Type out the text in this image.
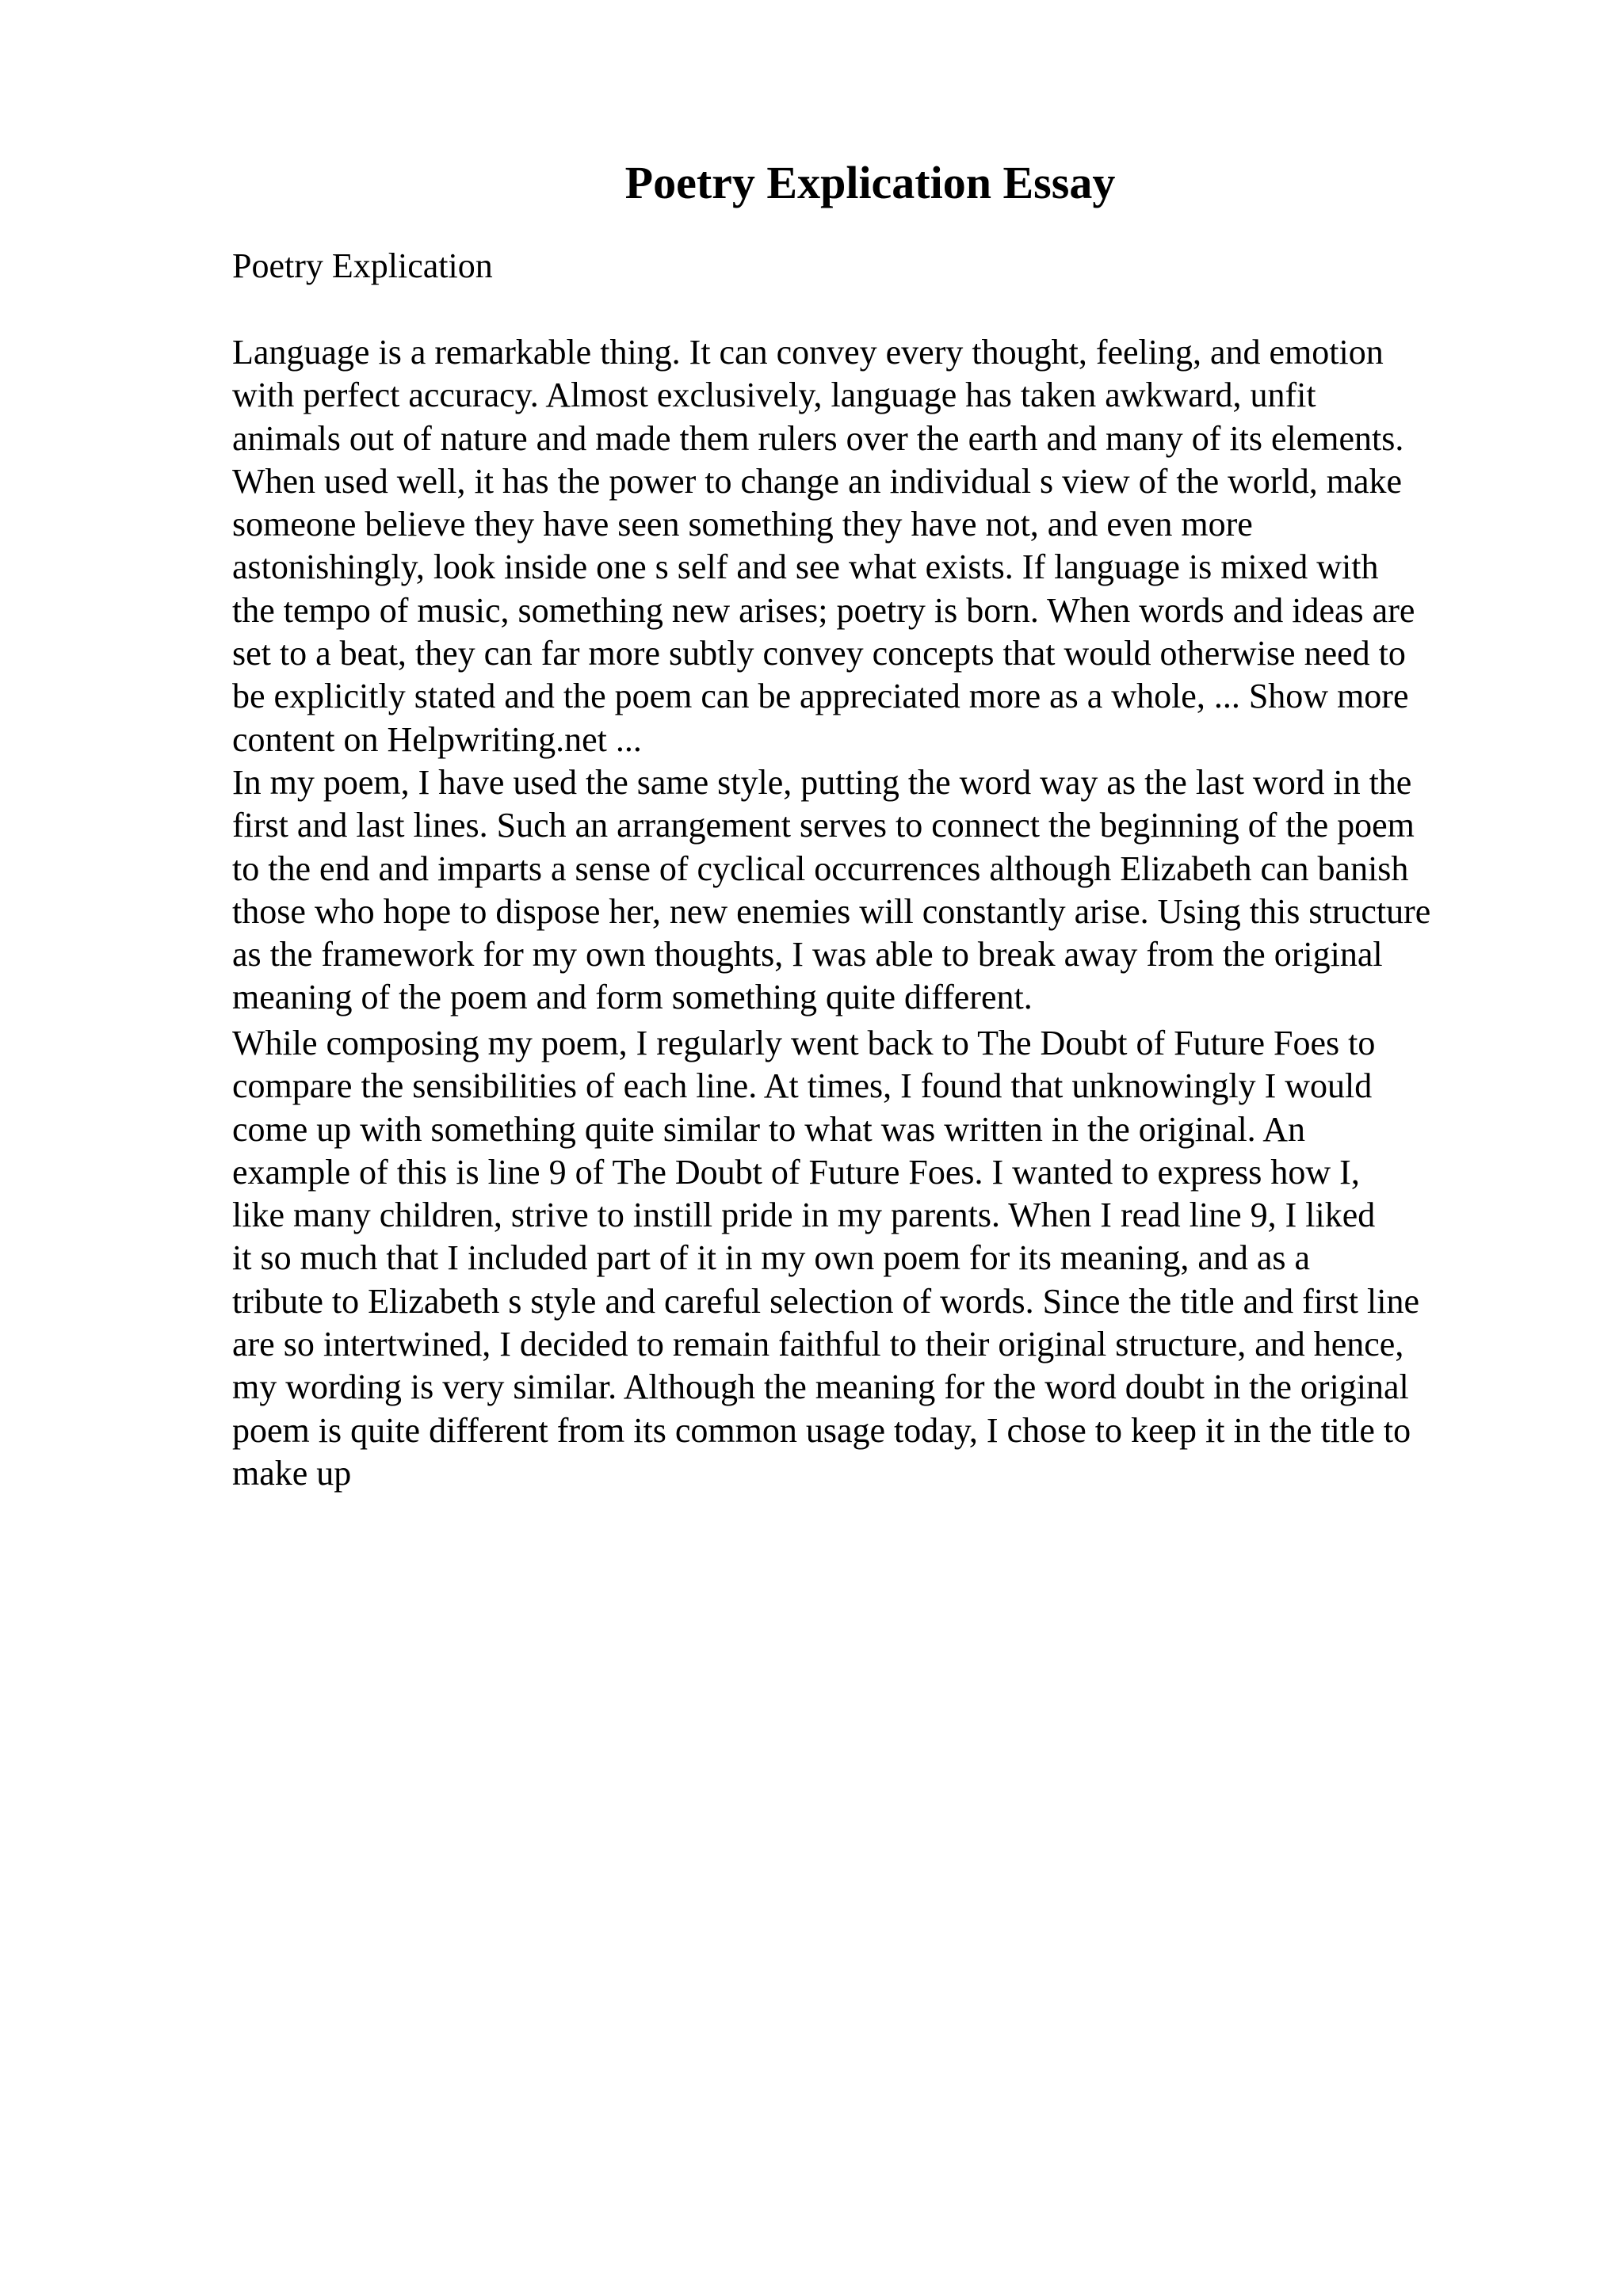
Poetry Explication Essay
Poetry Explication
Language is a remarkable thing. It can convey every thought, feeling, and emotion
with perfect accuracy. Almost exclusively, language has taken awkward, unfit
animals out of nature and made them rulers over the earth and many of its elements.
When used well, it has the power to change an individual s view of the world, make
someone believe they have seen something they have not, and even more
astonishingly, look inside one s self and see what exists. If language is mixed with
the tempo of music, something new arises; poetry is born. When words and ideas are
set to a beat, they can far more subtly convey concepts that would otherwise need to
be explicitly stated and the poem can be appreciated more as a whole, ... Show more
content on Helpwriting.net ...
In my poem, I have used the same style, putting the word way as the last word in the
first and last lines. Such an arrangement serves to connect the beginning of the poem
to the end and imparts a sense of cyclical occurrences although Elizabeth can banish
those who hope to dispose her, new enemies will constantly arise. Using this structure
as the framework for my own thoughts, I was able to break away from the original
meaning of the poem and form something quite different.
While composing my poem, I regularly went back to The Doubt of Future Foes to
compare the sensibilities of each line. At times, I found that unknowingly I would
come up with something quite similar to what was written in the original. An
example of this is line 9 of The Doubt of Future Foes. I wanted to express how I,
like many children, strive to instill pride in my parents. When I read line 9, I liked
it so much that I included part of it in my own poem for its meaning, and as a
tribute to Elizabeth s style and careful selection of words. Since the title and first line
are so intertwined, I decided to remain faithful to their original structure, and hence,
my wording is very similar. Although the meaning for the word doubt in the original
poem is quite different from its common usage today, I chose to keep it in the title to
make up
